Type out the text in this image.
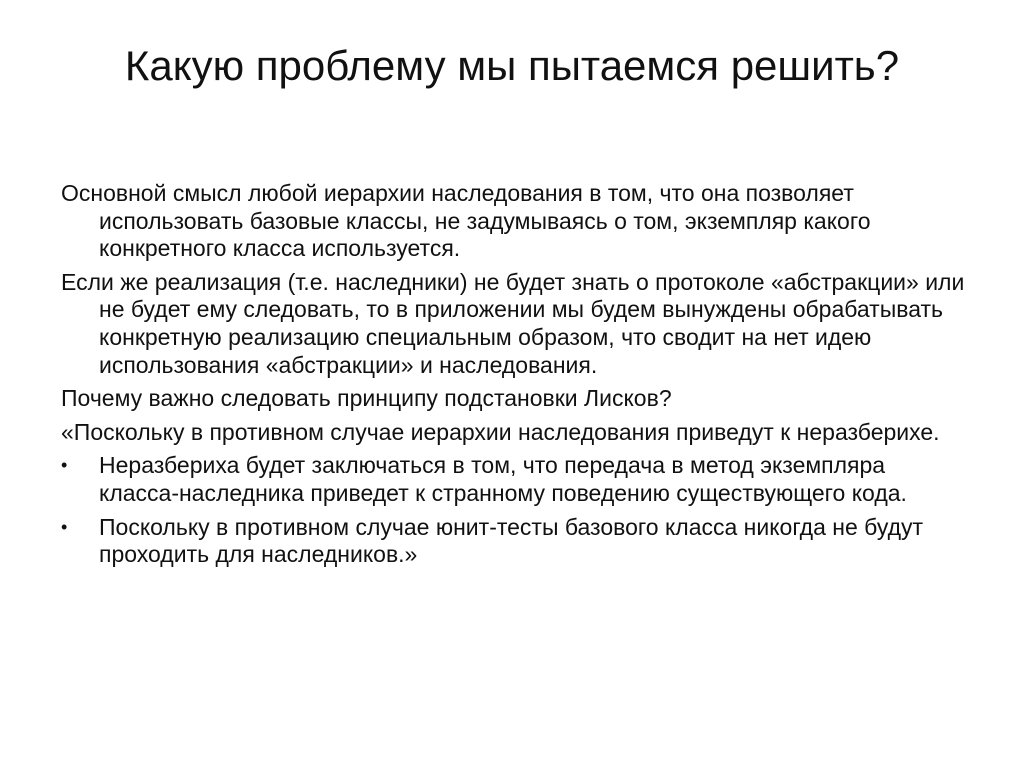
Какую проблему мы пытаемся решить?

Основной смысл любой иерархии наследования в том, что она позволяет использовать базовые классы, не задумываясь о том, экземпляр какого конкретного класса используется.

Если же реализация (т.е. наследники) не будет знать о протоколе «абстракции» или не будет ему следовать, то в приложении мы будем вынуждены обрабатывать конкретную реализацию специальным образом, что сводит на нет идею использования «абстракции» и наследования.

Почему важно следовать принципу подстановки Лисков?

«Поскольку в противном случае иерархии наследования приведут к неразберихе.

•	Неразбериха будет заключаться в том, что передача в метод экземпляра класса-наследника приведет к странному поведению существующего кода.
•	Поскольку в противном случае юнит-тесты базового класса никогда не будут проходить для наследников.»
